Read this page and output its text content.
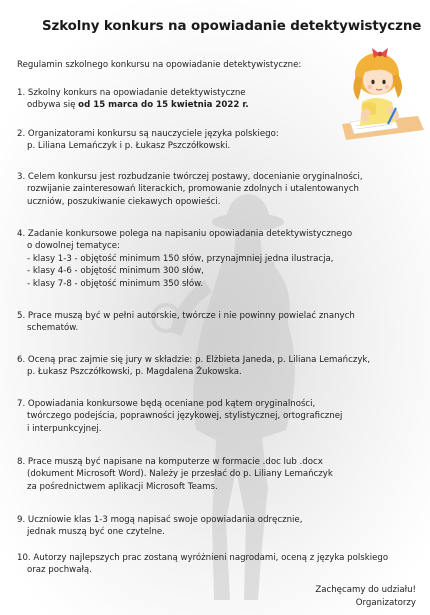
Szkolny konkurs na opowiadanie detektywistyczne
Regulamin szkolnego konkursu na opowiadanie detektywistyczne:
1. Szkolny konkurs na opowiadanie detektywistyczne
odbywa się od 15 marca do 15 kwietnia 2022 r.
2. Organizatorami konkursu są nauczyciele języka polskiego:
p. Liliana Lemańczyk i p. Łukasz Pszczółkowski.
3. Celem konkursu jest rozbudzanie twórczej postawy, docenianie oryginalności,
rozwijanie zainteresowań literackich, promowanie zdolnych i utalentowanych
uczniów, poszukiwanie ciekawych opowieści.
4. Zadanie konkursowe polega na napisaniu opowiadania detektywistycznego
o dowolnej tematyce:
- klasy 1-3 - objętość minimum 150 słów, przynajmniej jedna ilustracja,
- klasy 4-6 - objętość minimum 300 słów,
- klasy 7-8 - objętość minimum 350 słów.
5. Prace muszą być w pełni autorskie, twórcze i nie powinny powielać znanych
schematów.
6. Oceną prac zajmie się jury w składzie: p. Elżbieta Janeda, p. Liliana Lemańczyk,
p. Łukasz Pszczółkowski, p. Magdalena Żukowska.
7. Opowiadania konkursowe będą oceniane pod kątem oryginalności,
twórczego podejścia, poprawności językowej, stylistycznej, ortograficznej
i interpunkcyjnej.
8. Prace muszą być napisane na komputerze w formacie .doc lub .docx
(dokument Microsoft Word). Należy je przesłać do p. Liliany Lemańczyk
za pośrednictwem aplikacji Microsoft Teams.
9. Uczniowie klas 1-3 mogą napisać swoje opowiadania odręcznie,
jednak muszą być one czytelne.
10. Autorzy najlepszych prac zostaną wyróżnieni nagrodami, oceną z języka polskiego
oraz pochwałą.
Zachęcamy do udziału!
Organizatorzy
